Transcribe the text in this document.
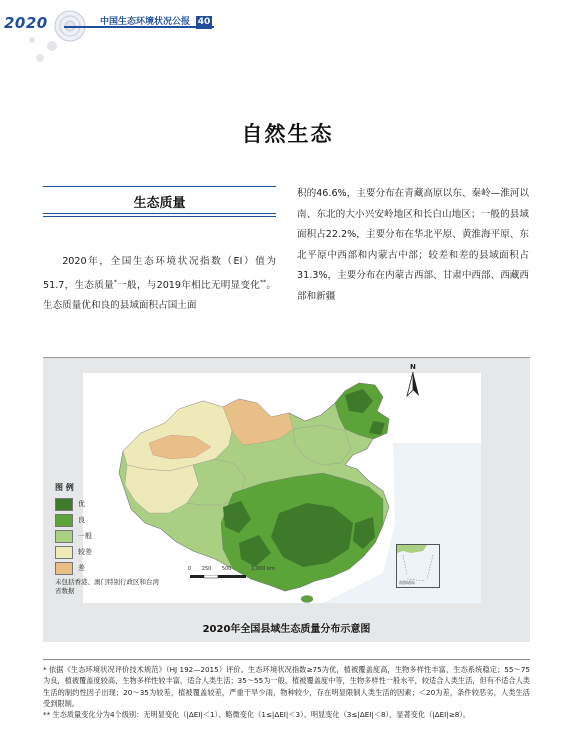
2020	中国生态环境状况公报 40
自然生态
生态质量
2020年，全国生态环境状况指数（EI）值为51.7，生态质量*一般，与2019年相比无明显变化**。生态质量优和良的县域面积占国土面
积的46.6%，主要分布在青藏高原以东、秦岭—淮河以南、东北的大小兴安岭地区和长白山地区；一般的县域面积占22.2%，主要分布在华北平原、黄淮海平原、东北平原中西部和内蒙古中部；较差和差的县域面积占31.3%，主要分布在内蒙古西部、甘肃中西部、西藏西部和新疆
N
图 例
优
良
一般
较差
差
未包括香港、澳门特别行政区和台湾省数据
0 250 500	1,000 km
南海诸岛
2020年全国县域生态质量分布示意图
* 依据《生态环境状况评价技术规范》（HJ 192—2015）评价。生态环境状况指数≥75为优，植被覆盖度高，生物多样性丰富，生态系统稳定；55～75为良，植被覆盖度较高，生物多样性较丰富，适合人类生活；35～55为一般，植被覆盖度中等，生物多样性一般水平，较适合人类生活，但有不适合人类生活的制约性因子出现；20～35为较差，植被覆盖较差，严重干旱少雨，物种较少，存在明显限制人类生活的因素；＜20为差，条件较恶劣，人类生活受到限制。
** 生态质量变化分为4个级别：无明显变化（|ΔEI|＜1）、略微变化（1≤|ΔEI|＜3）、明显变化（3≤|ΔEI|＜8）、显著变化（|ΔEI|≥8）。
